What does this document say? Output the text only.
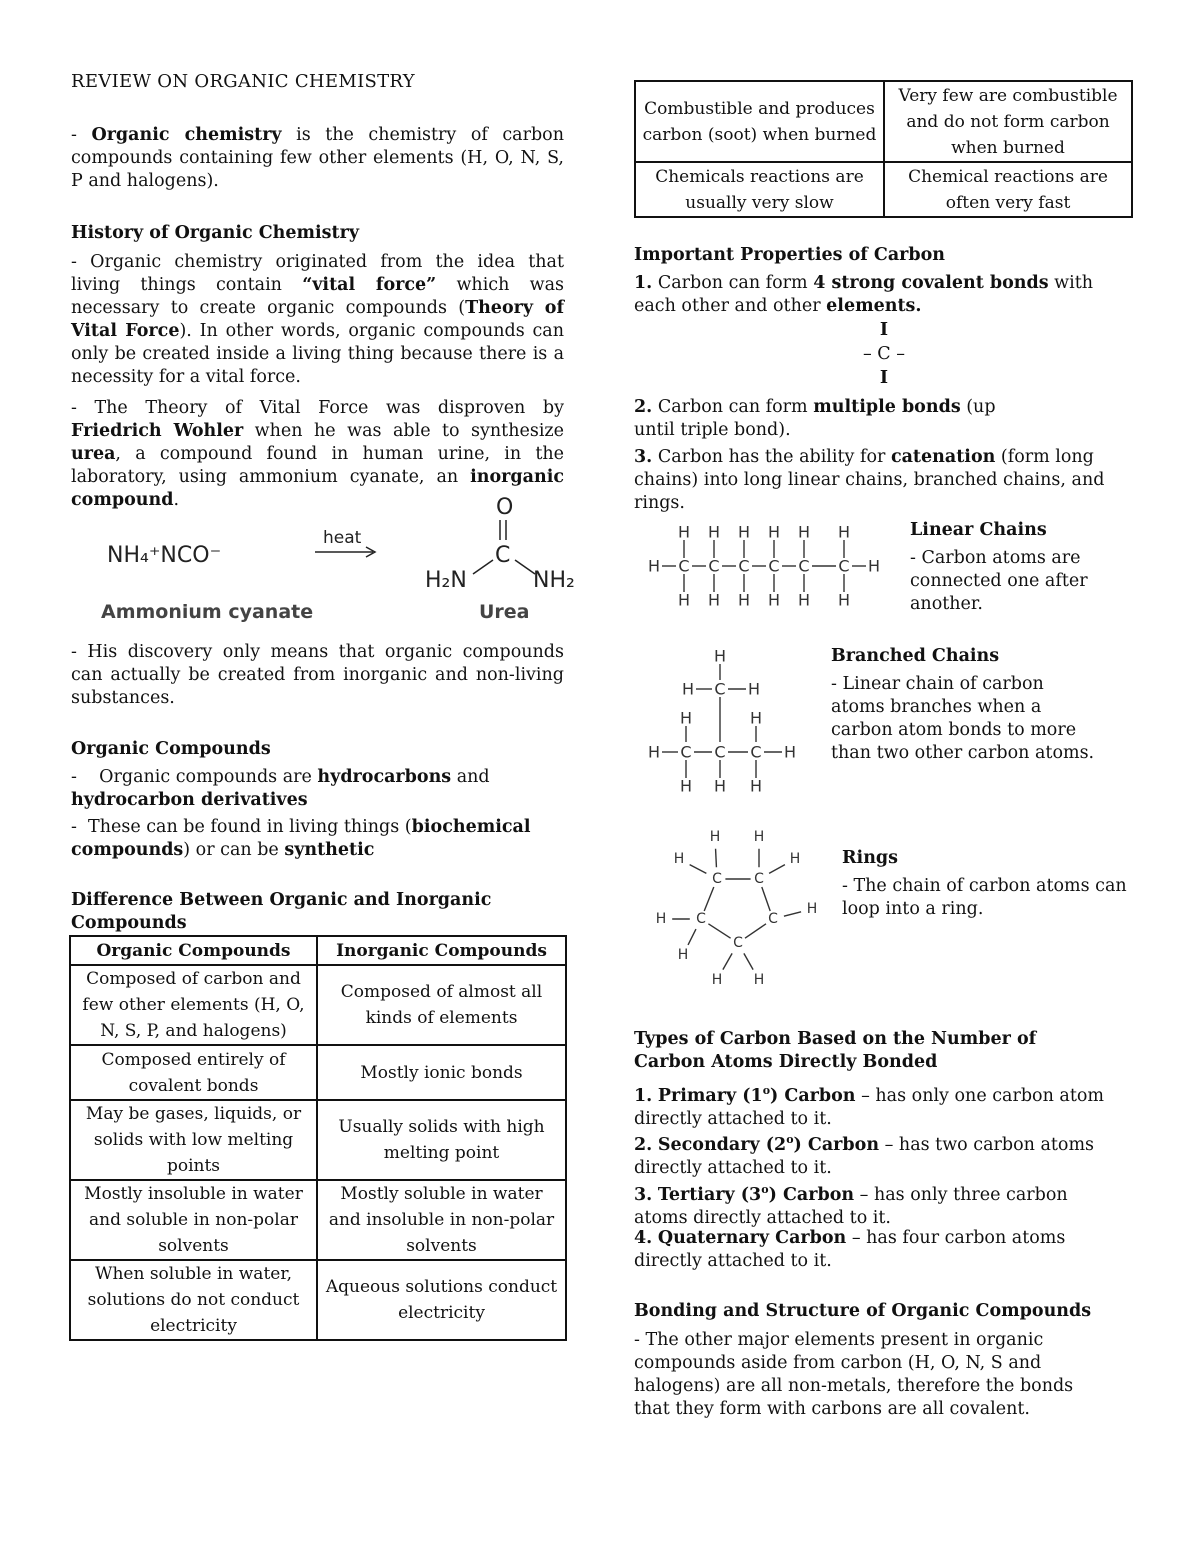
REVIEW ON ORGANIC CHEMISTRY

- Organic chemistry is the chemistry of carbon compounds containing few other elements (H, O, N, S, P and halogens).

History of Organic Chemistry

- Organic chemistry originated from the idea that living things contain “vital force” which was necessary to create organic compounds (Theory of Vital Force). In other words, organic compounds can only be created inside a living thing because there is a necessity for a vital force.

- The Theory of Vital Force was disproven by Friedrich Wohler when he was able to synthesize urea, a compound found in human urine, in the laboratory, using ammonium cyanate, an inorganic compound.

NH₄⁺NCO⁻
heat
O
C
H₂N	NH₂
Ammonium cyanate	Urea

- His discovery only means that organic compounds can actually be created from inorganic and non-living substances.

Organic Compounds

-    Organic compounds are hydrocarbons and hydrocarbon derivatives

-  These can be found in living things (biochemical compounds) or can be synthetic

Difference Between Organic and Inorganic Compounds

Organic Compounds	Inorganic Compounds
Composed of carbon and few other elements (H, O, N, S, P, and halogens)	Composed of almost all kinds of elements
Composed entirely of covalent bonds	Mostly ionic bonds
May be gases, liquids, or solids with low melting points	Usually solids with high melting point
Mostly insoluble in water and soluble in non-polar solvents	Mostly soluble in water and insoluble in non-polar solvents
When soluble in water, solutions do not conduct electricity	Aqueous solutions conduct electricity
Combustible and produces carbon (soot) when burned	Very few are combustible and do not form carbon when burned
Chemicals reactions are usually very slow	Chemical reactions are often very fast

Important Properties of Carbon

1. Carbon can form 4 strong covalent bonds with each other and other elements.

I
– C –
I

2. Carbon can form multiple bonds (up until triple bond).

3. Carbon has the ability for catenation (form long chains) into long linear chains, branched chains, and rings.

H C
H
H
C
H
H
C
H
H
C
H
H
C
H
H
C
H
H
H

Linear Chains

- Carbon atoms are connected one after another.

H
H C H
H	H
H C
H
C
H
C
H
H

Branched Chains

- Linear chain of carbon atoms branches when a carbon atom bonds to more than two other carbon atoms.

C C
C
C
C
H
H
H
H
H
H H
H
H

Rings

- The chain of carbon atoms can loop into a ring.

Types of Carbon Based on the Number of Carbon Atoms Directly Bonded

1. Primary (1$^o$) Carbon – has only one carbon atom directly attached to it.

2. Secondary (2$^o$) Carbon – has two carbon atoms directly attached to it.

3. Tertiary (3$^o$) Carbon – has only three carbon atoms directly attached to it.

4. Quaternary Carbon – has four carbon atoms directly attached to it.

Bonding and Structure of Organic Compounds

- The other major elements present in organic compounds aside from carbon (H, O, N, S and halogens) are all non-metals, therefore the bonds that they form with carbons are all covalent.
